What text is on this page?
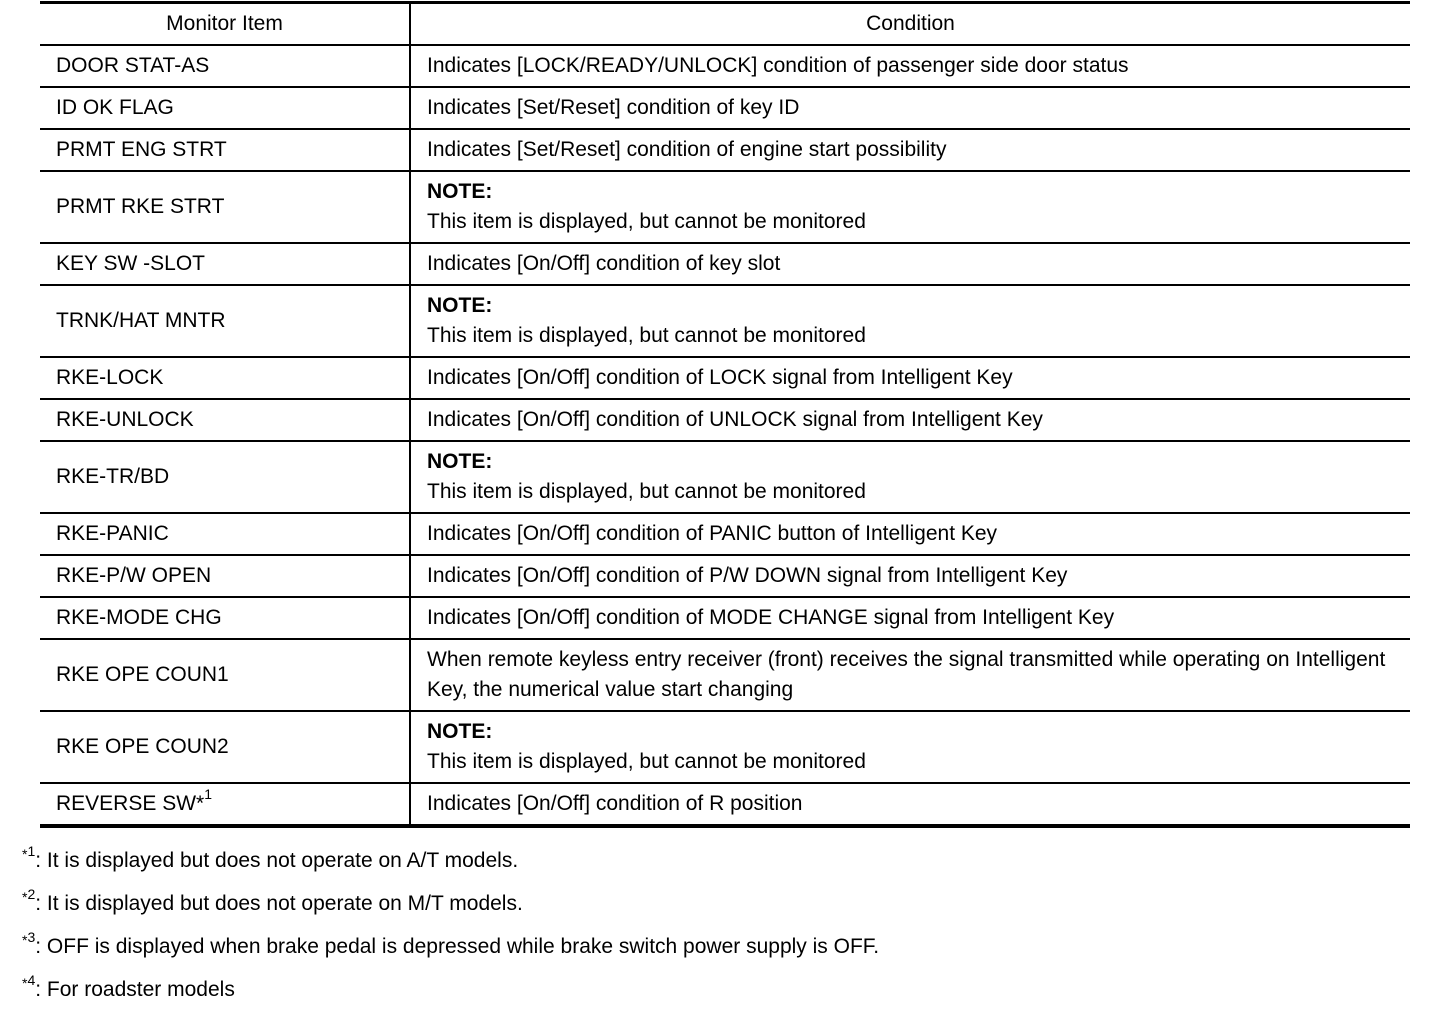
Monitor Item	Condition
DOOR STAT-AS	Indicates [LOCK/READY/UNLOCK] condition of passenger side door status
ID OK FLAG	Indicates [Set/Reset] condition of key ID
PRMT ENG STRT	Indicates [Set/Reset] condition of engine start possibility
PRMT RKE STRT	NOTE:
This item is displayed, but cannot be monitored

KEY SW -SLOT	Indicates [On/Off] condition of key slot
TRNK/HAT MNTR	NOTE:
This item is displayed, but cannot be monitored

RKE-LOCK	Indicates [On/Off] condition of LOCK signal from Intelligent Key
RKE-UNLOCK	Indicates [On/Off] condition of UNLOCK signal from Intelligent Key
RKE-TR/BD	NOTE:
This item is displayed, but cannot be monitored

RKE-PANIC	Indicates [On/Off] condition of PANIC button of Intelligent Key
RKE-P/W OPEN	Indicates [On/Off] condition of P/W DOWN signal from Intelligent Key
RKE-MODE CHG	Indicates [On/Off] condition of MODE CHANGE signal from Intelligent Key
RKE OPE COUN1	When remote keyless entry receiver (front) receives the signal transmitted while operating on Intelligent Key, the numerical value start changing
RKE OPE COUN2	NOTE:
This item is displayed, but cannot be monitored

REVERSE SW*$^1$	Indicates [On/Off] condition of R position
$^{*1}$: It is displayed but does not operate on A/T models.
$^{*2}$: It is displayed but does not operate on M/T models.
$^{*3}$: OFF is displayed when brake pedal is depressed while brake switch power supply is OFF.
$^{*4}$: For roadster models
